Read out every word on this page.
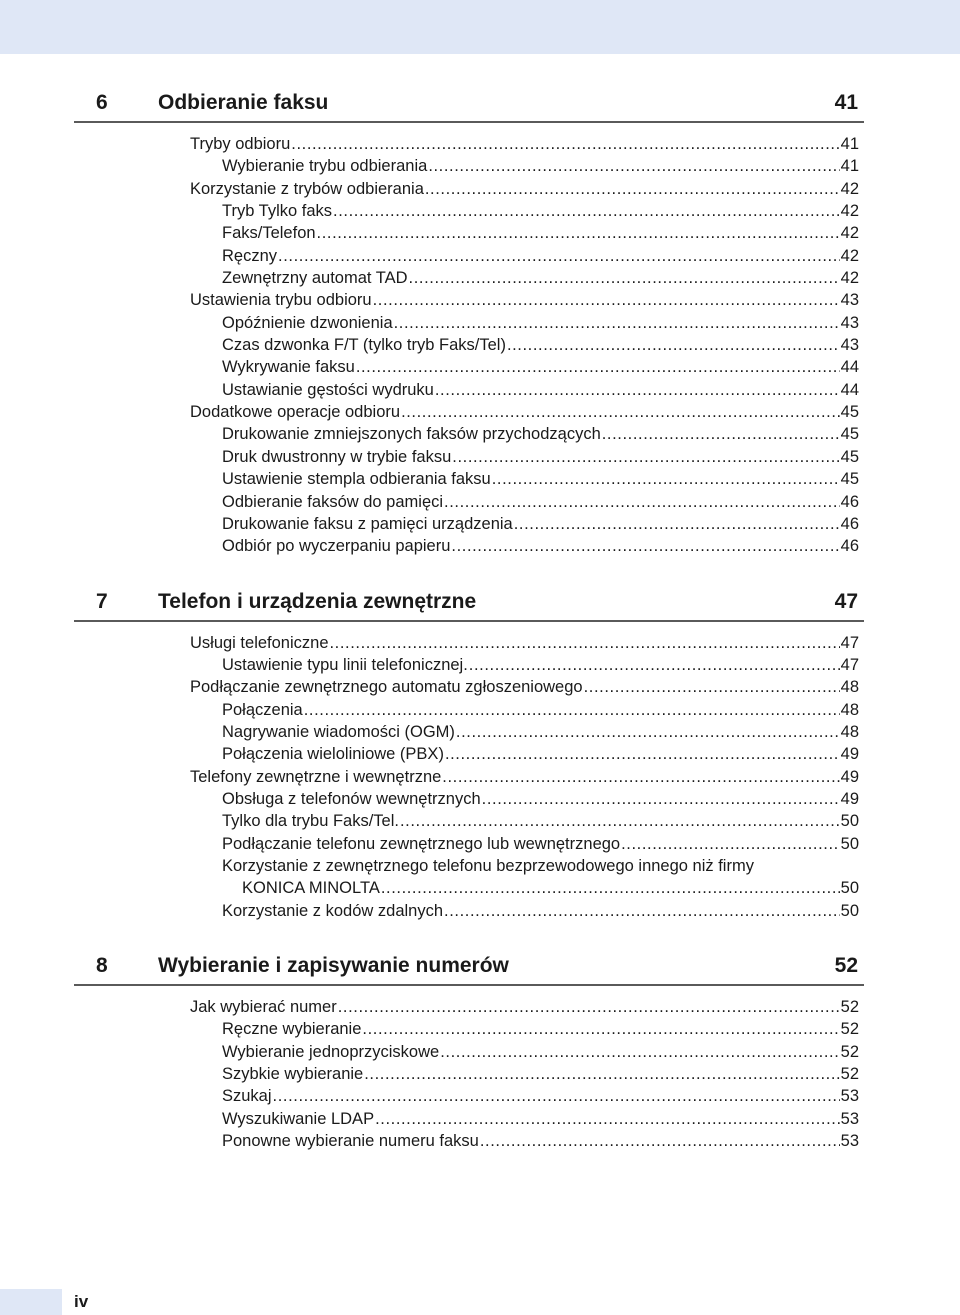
6	Odbieranie faksu	41
Tryby odbioru .....	41
Wybieranie trybu odbierania .....	41
Korzystanie z trybów odbierania .....	42
Tryb Tylko faks .....	42
Faks/Telefon .....	42
Ręczny .....	42
Zewnętrzny automat TAD .....	42
Ustawienia trybu odbioru .....	43
Opóźnienie dzwonienia .....	43
Czas dzwonka F/T (tylko tryb Faks/Tel) .....	43
Wykrywanie faksu .....	44
Ustawianie gęstości wydruku .....	44
Dodatkowe operacje odbioru .....	45
Drukowanie zmniejszonych faksów przychodzących .....	45
Druk dwustronny w trybie faksu .....	45
Ustawienie stempla odbierania faksu .....	45
Odbieranie faksów do pamięci .....	46
Drukowanie faksu z pamięci urządzenia .....	46
Odbiór po wyczerpaniu papieru .....	46
7	Telefon i urządzenia zewnętrzne	47
Usługi telefoniczne .....	47
Ustawienie typu linii telefonicznej. .....	47
Podłączanie zewnętrznego automatu zgłoszeniowego .....	48
Połączenia .....	48
Nagrywanie wiadomości (OGM) .....	48
Połączenia wieloliniowe (PBX) .....	49
Telefony zewnętrzne i wewnętrzne .....	49
Obsługa z telefonów wewnętrznych .....	49
Tylko dla trybu Faks/Tel. .....	50
Podłączanie telefonu zewnętrznego lub wewnętrznego .....	50
Korzystanie z zewnętrznego telefonu bezprzewodowego innego niż firmy
KONICA MINOLTA .....	50
Korzystanie z kodów zdalnych .....	50
8	Wybieranie i zapisywanie numerów	52
Jak wybierać numer .....	52
Ręczne wybieranie .....	52
Wybieranie jednoprzyciskowe .....	52
Szybkie wybieranie .....	52
Szukaj .....	53
Wyszukiwanie LDAP .....	53
Ponowne wybieranie numeru faksu .....	53
iv
